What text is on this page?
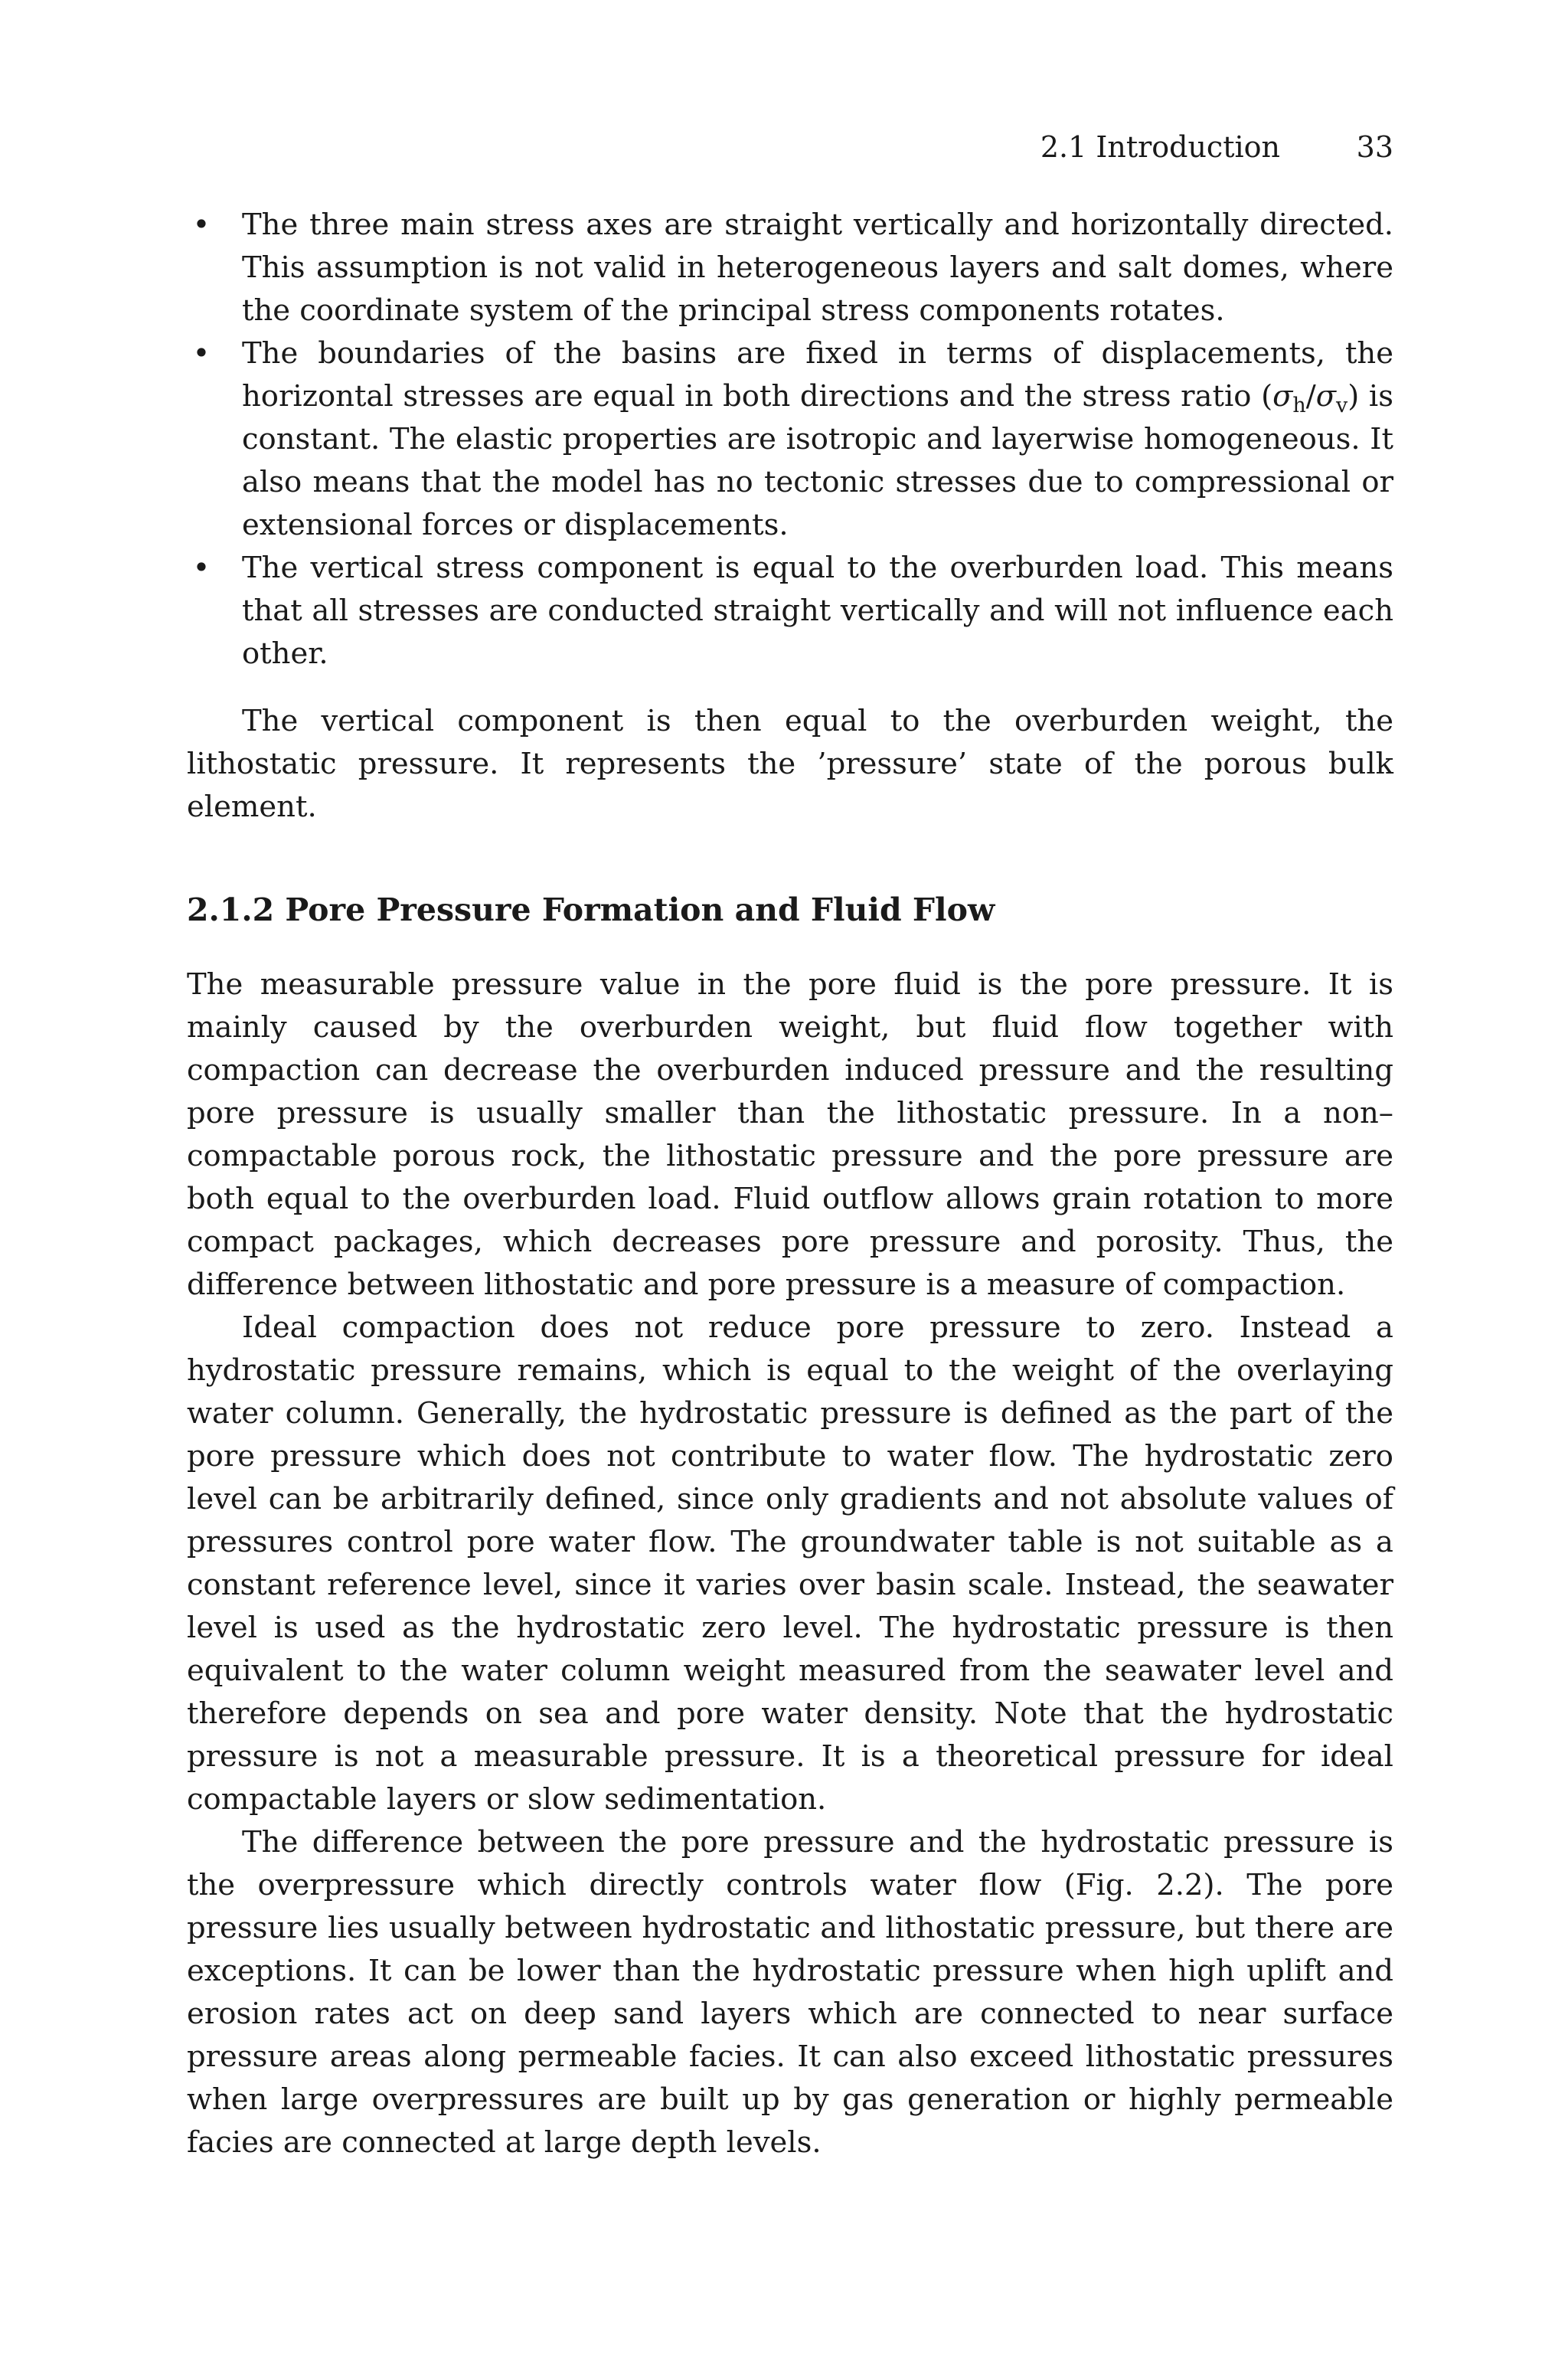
2.1 Introduction	33
• The three main stress axes are straight vertically and horizontally directed. This assumption is not valid in heterogeneous layers and salt domes, where the coordinate system of the principal stress components rotates.
• The boundaries of the basins are fixed in terms of displacements, the horizontal stresses are equal in both directions and the stress ratio $(\sigma_h/\sigma_v)$ is constant. The elastic properties are isotropic and layerwise homogeneous. It also means that the model has no tectonic stresses due to compressional or extensional forces or displacements.
• The vertical stress component is equal to the overburden load. This means that all stresses are conducted straight vertically and will not influence each other.

The vertical component is then equal to the overburden weight, the lithostatic pressure. It represents the ’pressure’ state of the porous bulk element.

2.1.2 Pore Pressure Formation and Fluid Flow

The measurable pressure value in the pore fluid is the pore pressure. It is mainly caused by the overburden weight, but fluid flow together with compaction can decrease the overburden induced pressure and the resulting pore pressure is usually smaller than the lithostatic pressure. In a non–compactable porous rock, the lithostatic pressure and the pore pressure are both equal to the overburden load. Fluid outflow allows grain rotation to more compact packages, which decreases pore pressure and porosity. Thus, the difference between lithostatic and pore pressure is a measure of compaction.

Ideal compaction does not reduce pore pressure to zero. Instead a hydrostatic pressure remains, which is equal to the weight of the overlaying water column. Generally, the hydrostatic pressure is defined as the part of the pore pressure which does not contribute to water flow. The hydrostatic zero level can be arbitrarily defined, since only gradients and not absolute values of pressures control pore water flow. The groundwater table is not suitable as a constant reference level, since it varies over basin scale. Instead, the seawater level is used as the hydrostatic zero level. The hydrostatic pressure is then equivalent to the water column weight measured from the seawater level and therefore depends on sea and pore water density. Note that the hydrostatic pressure is not a measurable pressure. It is a theoretical pressure for ideal compactable layers or slow sedimentation.

The difference between the pore pressure and the hydrostatic pressure is the overpressure which directly controls water flow (Fig. 2.2). The pore pressure lies usually between hydrostatic and lithostatic pressure, but there are exceptions. It can be lower than the hydrostatic pressure when high uplift and erosion rates act on deep sand layers which are connected to near surface pressure areas along permeable facies. It can also exceed lithostatic pressures when large overpressures are built up by gas generation or highly permeable facies are connected at large depth levels.
